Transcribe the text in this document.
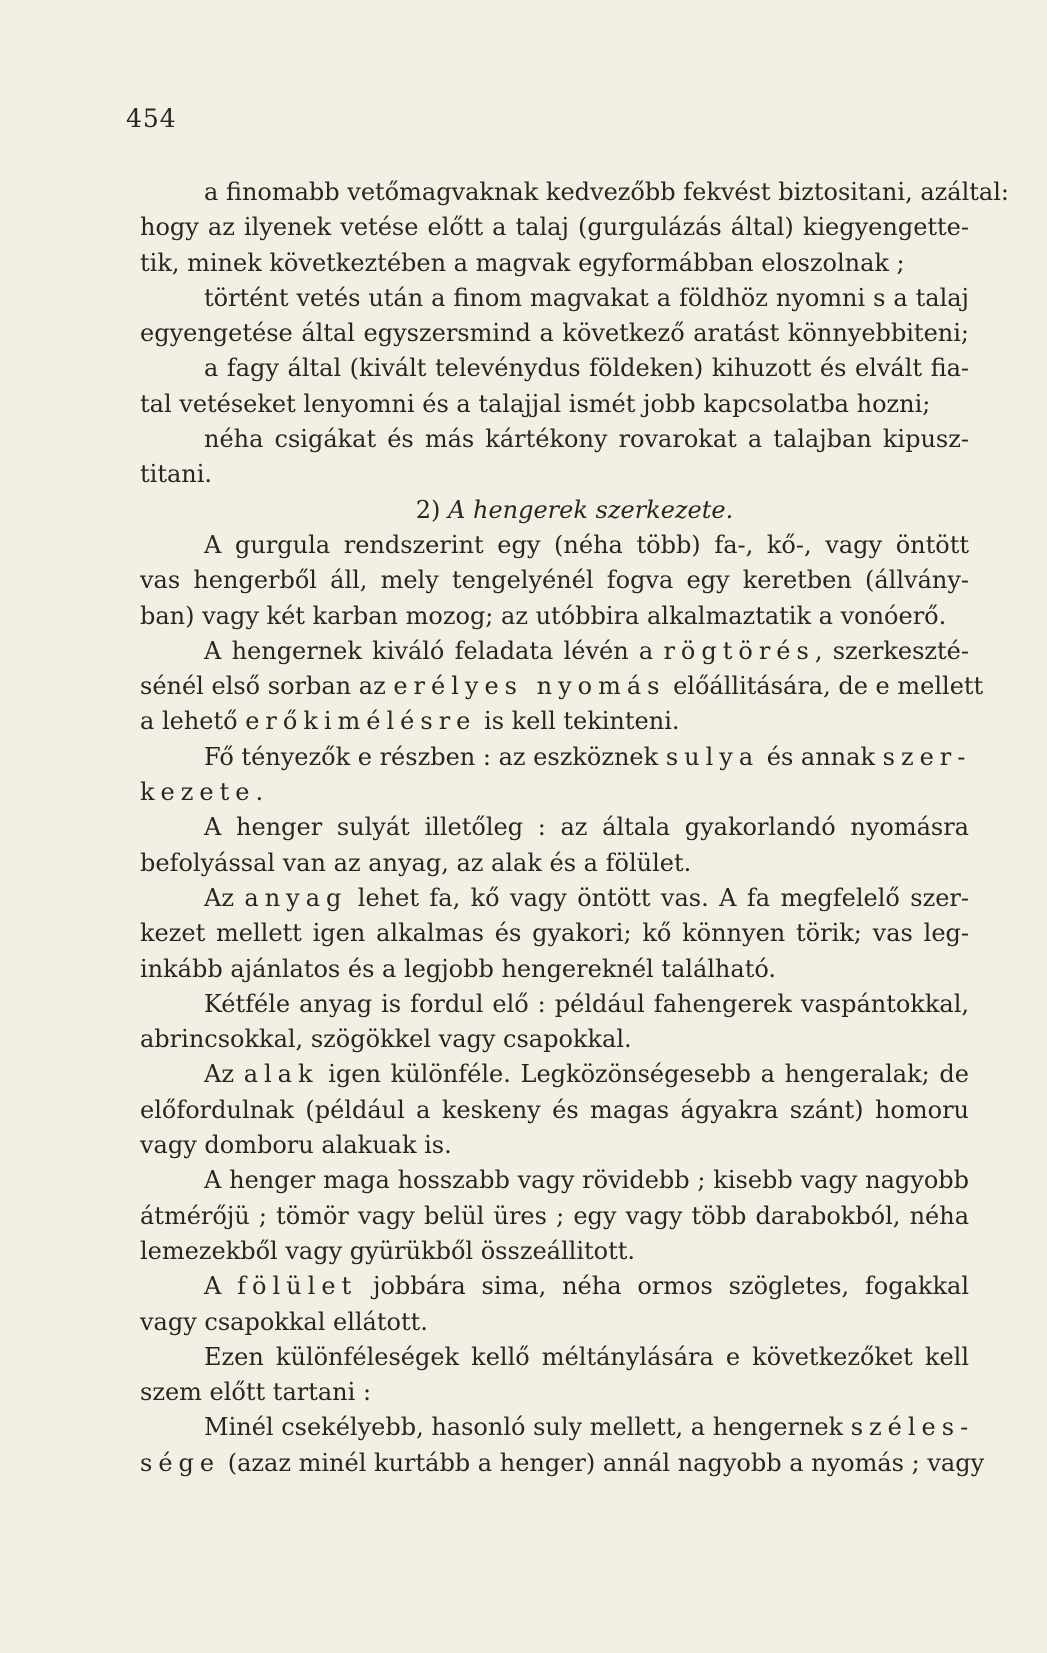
454
a finomabb vetőmagvaknak kedvezőbb fekvést biztositani, azáltal:
hogy az ilyenek vetése előtt a talaj (gurgulázás által) kiegyengette-
tik, minek következtében a magvak egyformábban eloszolnak ;
történt vetés után a finom magvakat a földhöz nyomni s a talaj
egyengetése által egyszersmind a következő aratást könnyebbiteni;
a fagy által (kivált televénydus földeken) kihuzott és elvált fia-
tal vetéseket lenyomni és a talajjal ismét jobb kapcsolatba hozni;
néha csigákat és más kártékony rovarokat a talajban kipusz-
titani.
2) A hengerek szerkezete.
A gurgula rendszerint egy (néha több) fa-, kő-, vagy öntött
vas hengerből áll, mely tengelyénél fogva egy keretben (állvány-
ban) vagy két karban mozog; az utóbbira alkalmaztatik a vonóerő.
A hengernek kiváló feladata lévén a rögtörés, szerkeszté-
sénél első sorban az erélyes nyomás előállitására, de e mellett
a lehető erőkimélésre is kell tekinteni.
Fő tényezők e részben : az eszköznek sulya és annak szer-
kezete.
A henger sulyát illetőleg : az általa gyakorlandó nyomásra
befolyással van az anyag, az alak és a fölület.
Az anyag lehet fa, kő vagy öntött vas. A fa megfelelő szer-
kezet mellett igen alkalmas és gyakori; kő könnyen törik; vas leg-
inkább ajánlatos és a legjobb hengereknél található.
Kétféle anyag is fordul elő : például fahengerek vaspántokkal,
abrincsokkal, szögökkel vagy csapokkal.
Az alak igen különféle. Legközönségesebb a hengeralak; de
előfordulnak (például a keskeny és magas ágyakra szánt) homoru
vagy domboru alakuak is.
A henger maga hosszabb vagy rövidebb ; kisebb vagy nagyobb
átmérőjü ; tömör vagy belül üres ; egy vagy több darabokból, néha
lemezekből vagy gyürükből összeállitott.
A fölület jobbára sima, néha ormos szögletes, fogakkal
vagy csapokkal ellátott.
Ezen különféleségek kellő méltánylására e következőket kell
szem előtt tartani :
Minél csekélyebb, hasonló suly mellett, a hengernek széles-
sége (azaz minél kurtább a henger) annál nagyobb a nyomás ; vagy
